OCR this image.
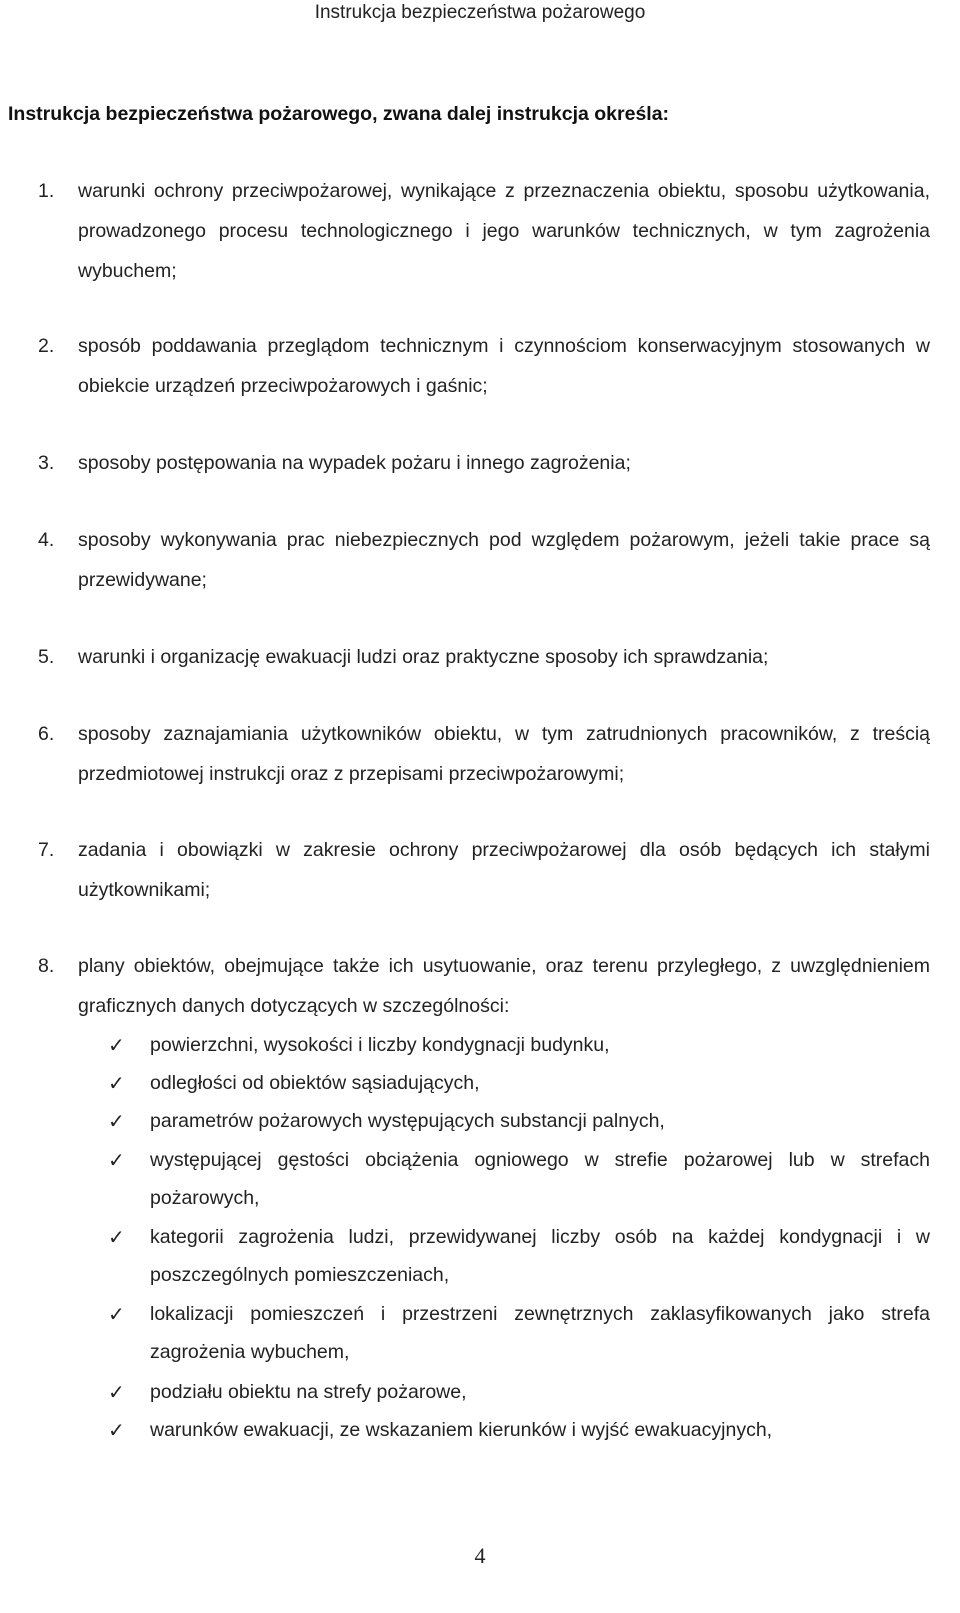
Instrukcja bezpieczeństwa pożarowego
Instrukcja bezpieczeństwa pożarowego, zwana dalej instrukcja określa:
1.	warunki ochrony przeciwpożarowej, wynikające z przeznaczenia obiektu, sposobu użytkowania, prowadzonego procesu technologicznego i jego warunków technicznych, w tym zagrożenia wybuchem;
2.	sposób poddawania przeglądom technicznym i czynnościom konserwacyjnym stosowanych w obiekcie urządzeń przeciwpożarowych i gaśnic;
3.	sposoby postępowania na wypadek pożaru i innego zagrożenia;
4.	sposoby wykonywania prac niebezpiecznych pod względem pożarowym, jeżeli takie prace są przewidywane;
5.	warunki i organizację ewakuacji ludzi oraz praktyczne sposoby ich sprawdzania;
6.	sposoby zaznajamiania użytkowników obiektu, w tym zatrudnionych pracowników, z treścią przedmiotowej instrukcji oraz z przepisami przeciwpożarowymi;
7.	zadania i obowiązki w zakresie ochrony przeciwpożarowej dla osób będących ich stałymi użytkownikami;
8.	plany obiektów, obejmujące także ich usytuowanie, oraz terenu przyległego, z uwzględnieniem graficznych danych dotyczących w szczególności:
✓	powierzchni, wysokości i liczby kondygnacji budynku,
✓	odległości od obiektów sąsiadujących,
✓	parametrów pożarowych występujących substancji palnych,
✓	występującej gęstości obciążenia ogniowego w strefie pożarowej lub w strefach pożarowych,
✓	kategorii zagrożenia ludzi, przewidywanej liczby osób na każdej kondygnacji i w poszczególnych pomieszczeniach,
✓	lokalizacji pomieszczeń i przestrzeni zewnętrznych zaklasyfikowanych jako strefa zagrożenia wybuchem,
✓	podziału obiektu na strefy pożarowe,
✓	warunków ewakuacji, ze wskazaniem kierunków i wyjść ewakuacyjnych,
4
